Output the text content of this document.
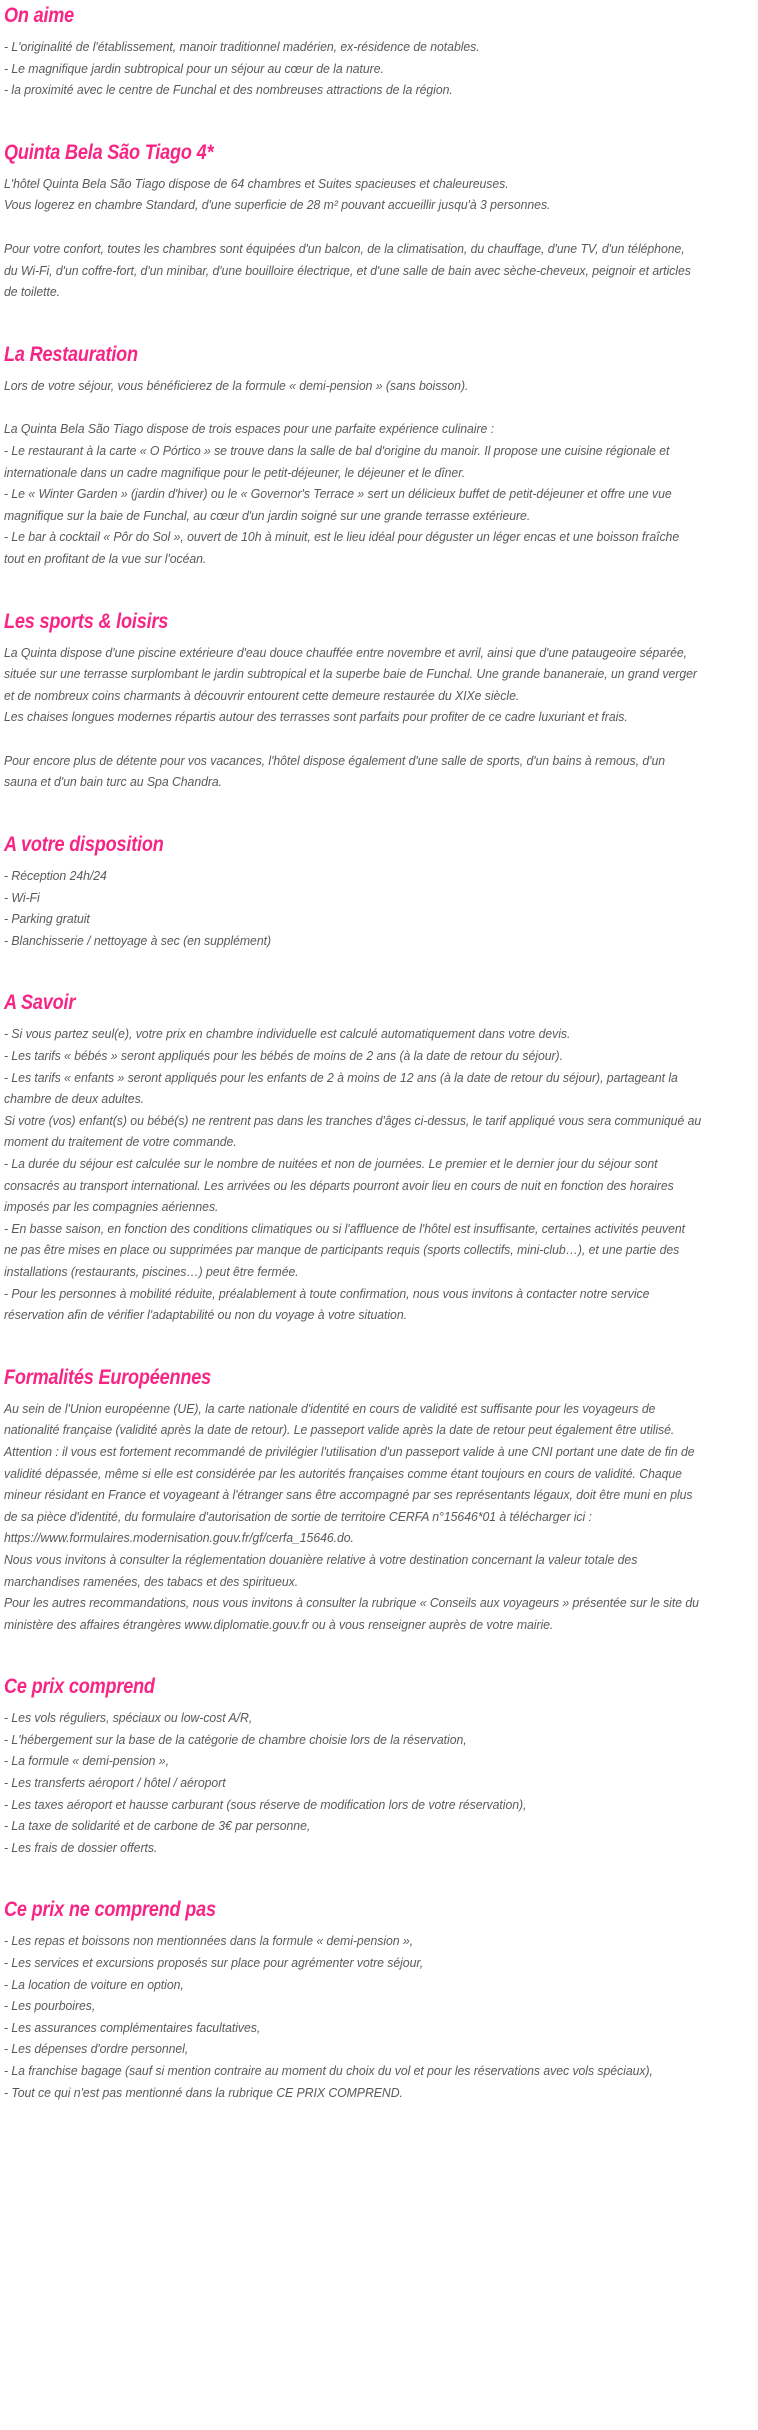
On aime

- L'originalité de l'établissement, manoir traditionnel madérien, ex-résidence de notables.

- Le magnifique jardin subtropical pour un séjour au cœur de la nature.

- la proximité avec le centre de Funchal et des nombreuses attractions de la région.

Quinta Bela São Tiago 4*

L'hôtel Quinta Bela São Tiago dispose de 64 chambres et Suites spacieuses et chaleureuses.

Vous logerez en chambre Standard, d'une superficie de 28 m² pouvant accueillir jusqu'à 3 personnes.

Pour votre confort, toutes les chambres sont équipées d'un balcon, de la climatisation, du chauffage, d'une TV, d'un téléphone, du Wi-Fi, d'un coffre-fort, d'un minibar, d'une bouilloire électrique, et d'une salle de bain avec sèche-cheveux, peignoir et articles de toilette.

La Restauration

Lors de votre séjour, vous bénéficierez de la formule « demi-pension » (sans boisson).

La Quinta Bela São Tiago dispose de trois espaces pour une parfaite expérience culinaire :

- Le restaurant à la carte « O Pórtico » se trouve dans la salle de bal d'origine du manoir. Il propose une cuisine régionale et internationale dans un cadre magnifique pour le petit-déjeuner, le déjeuner et le dîner.

- Le « Winter Garden » (jardin d'hiver) ou le « Governor's Terrace » sert un délicieux buffet de petit-déjeuner et offre une vue magnifique sur la baie de Funchal, au cœur d'un jardin soigné sur une grande terrasse extérieure.

- Le bar à cocktail « Pôr do Sol », ouvert de 10h à minuit, est le lieu idéal pour déguster un léger encas et une boisson fraîche tout en profitant de la vue sur l'océan.

Les sports & loisirs

La Quinta dispose d'une piscine extérieure d'eau douce chauffée entre novembre et avril, ainsi que d'une pataugeoire séparée, située sur une terrasse surplombant le jardin subtropical et la superbe baie de Funchal. Une grande bananeraie, un grand verger et de nombreux coins charmants à découvrir entourent cette demeure restaurée du XIXe siècle.

Les chaises longues modernes répartis autour des terrasses sont parfaits pour profiter de ce cadre luxuriant et frais.

Pour encore plus de détente pour vos vacances, l'hôtel dispose également d'une salle de sports, d'un bains à remous, d'un sauna et d'un bain turc au Spa Chandra.

A votre disposition

- Réception 24h/24

- Wi-Fi

- Parking gratuit

- Blanchisserie / nettoyage à sec (en supplément)

A Savoir

- Si vous partez seul(e), votre prix en chambre individuelle est calculé automatiquement dans votre devis.

- Les tarifs « bébés » seront appliqués pour les bébés de moins de 2 ans (à la date de retour du séjour).

- Les tarifs « enfants » seront appliqués pour les enfants de 2 à moins de 12 ans (à la date de retour du séjour), partageant la chambre de deux adultes.

Si votre (vos) enfant(s) ou bébé(s) ne rentrent pas dans les tranches d'âges ci-dessus, le tarif appliqué vous sera communiqué au moment du traitement de votre commande.

- La durée du séjour est calculée sur le nombre de nuitées et non de journées. Le premier et le dernier jour du séjour sont consacrés au transport international. Les arrivées ou les départs pourront avoir lieu en cours de nuit en fonction des horaires imposés par les compagnies aériennes.

- En basse saison, en fonction des conditions climatiques ou si l'affluence de l'hôtel est insuffisante, certaines activités peuvent ne pas être mises en place ou supprimées par manque de participants requis (sports collectifs, mini-club…), et une partie des installations (restaurants, piscines…) peut être fermée.

- Pour les personnes à mobilité réduite, préalablement à toute confirmation, nous vous invitons à contacter notre service réservation afin de vérifier l'adaptabilité ou non du voyage à votre situation.

Formalités Européennes

Au sein de l'Union européenne (UE), la carte nationale d'identité en cours de validité est suffisante pour les voyageurs de nationalité française (validité après la date de retour). Le passeport valide après la date de retour peut également être utilisé. Attention : il vous est fortement recommandé de privilégier l'utilisation d'un passeport valide à une CNI portant une date de fin de validité dépassée, même si elle est considérée par les autorités françaises comme étant toujours en cours de validité. Chaque mineur résidant en France et voyageant à l'étranger sans être accompagné par ses représentants légaux, doit être muni en plus de sa pièce d'identité, du formulaire d'autorisation de sortie de territoire CERFA n°15646*01 à télécharger ici :

https://www.formulaires.modernisation.gouv.fr/gf/cerfa_15646.do.

Nous vous invitons à consulter la réglementation douanière relative à votre destination concernant la valeur totale des marchandises ramenées, des tabacs et des spiritueux.

Pour les autres recommandations, nous vous invitons à consulter la rubrique « Conseils aux voyageurs » présentée sur le site du ministère des affaires étrangères www.diplomatie.gouv.fr ou à vous renseigner auprès de votre mairie.

Ce prix comprend

- Les vols réguliers, spéciaux ou low-cost A/R,

- L'hébergement sur la base de la catégorie de chambre choisie lors de la réservation,

- La formule « demi-pension »,

- Les transferts aéroport / hôtel / aéroport

- Les taxes aéroport et hausse carburant (sous réserve de modification lors de votre réservation),

- La taxe de solidarité et de carbone de 3€ par personne,

- Les frais de dossier offerts.

Ce prix ne comprend pas

- Les repas et boissons non mentionnées dans la formule « demi-pension »,

- Les services et excursions proposés sur place pour agrémenter votre séjour,

- La location de voiture en option,

- Les pourboires,

- Les assurances complémentaires facultatives,

- Les dépenses d'ordre personnel,

- La franchise bagage (sauf si mention contraire au moment du choix du vol et pour les réservations avec vols spéciaux),

- Tout ce qui n'est pas mentionné dans la rubrique CE PRIX COMPREND.
